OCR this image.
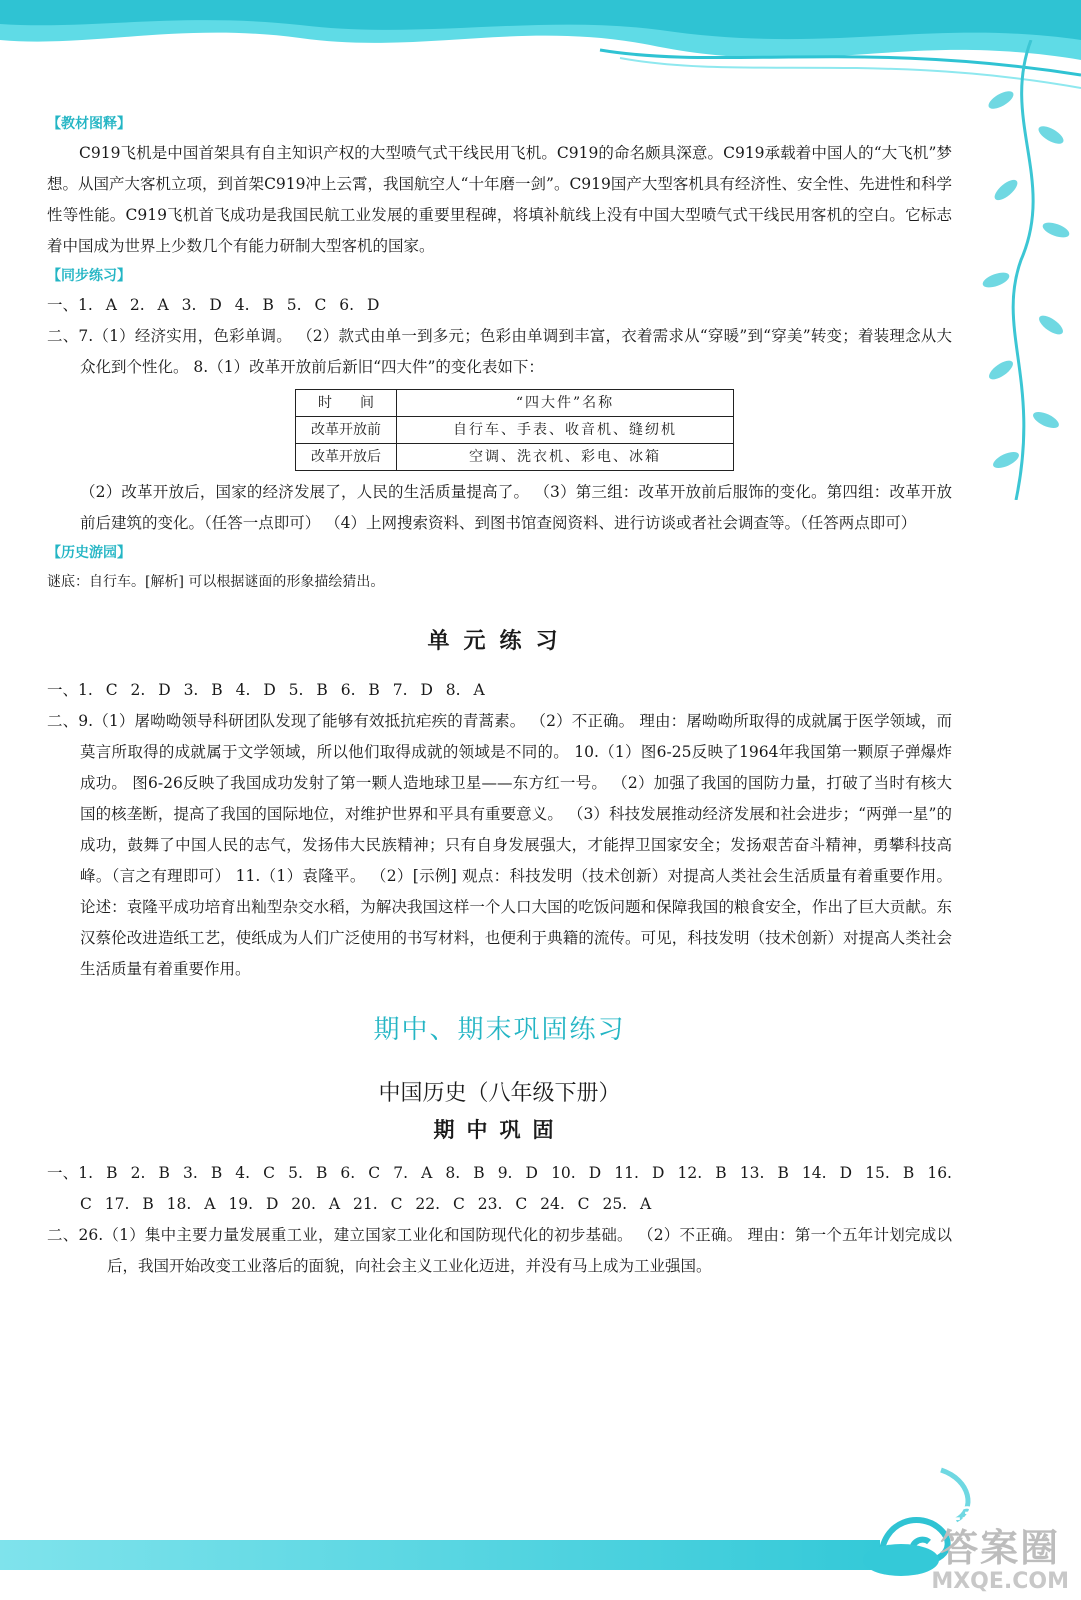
【教材图释】
C919飞机是中国首架具有自主知识产权的大型喷气式干线民用飞机。C919的命名颇具深意。C919承载着中国人的“大飞机”梦想。从国产大客机立项，到首架C919冲上云霄，我国航空人“十年磨一剑”。C919国产大型客机具有经济性、安全性、先进性和科学性等性能。C919飞机首飞成功是我国民航工业发展的重要里程碑，将填补航线上没有中国大型喷气式干线民用客机的空白。它标志着中国成为世界上少数几个有能力研制大型客机的国家。
【同步练习】
一、1. A 2. A 3. D 4. B 5. C 6. D
二、7.（1）经济实用，色彩单调。 （2）款式由单一到多元；色彩由单调到丰富，衣着需求从“穿暖”到“穿美”转变；着装理念从大众化到个性化。 8.（1）改革开放前后新旧“四大件”的变化表如下：
时　　间	“四大件”名称
改革开放前	自行车、手表、收音机、缝纫机
改革开放后	空调、洗衣机、彩电、冰箱
（2）改革开放后，国家的经济发展了，人民的生活质量提高了。 （3）第三组：改革开放前后服饰的变化。第四组：改革开放前后建筑的变化。（任答一点即可） （4）上网搜索资料、到图书馆查阅资料、进行访谈或者社会调查等。（任答两点即可）
【历史游园】
谜底：自行车。[解析] 可以根据谜面的形象描绘猜出。
单元练习
一、1. C 2. D 3. B 4. D 5. B 6. B 7. D 8. A
二、9.（1）屠呦呦领导科研团队发现了能够有效抵抗疟疾的青蒿素。 （2）不正确。 理由：屠呦呦所取得的成就属于医学领域，而莫言所取得的成就属于文学领域，所以他们取得成就的领域是不同的。 10.（1）图6-25反映了1964年我国第一颗原子弹爆炸成功。 图6-26反映了我国成功发射了第一颗人造地球卫星——东方红一号。 （2）加强了我国的国防力量，打破了当时有核大国的核垄断，提高了我国的国际地位，对维护世界和平具有重要意义。 （3）科技发展推动经济发展和社会进步；“两弹一星”的成功，鼓舞了中国人民的志气，发扬伟大民族精神；只有自身发展强大，才能捍卫国家安全；发扬艰苦奋斗精神，勇攀科技高峰。（言之有理即可） 11.（1）袁隆平。 （2）[示例] 观点：科技发明（技术创新）对提高人类社会生活质量有着重要作用。 论述：袁隆平成功培育出籼型杂交水稻，为解决我国这样一个人口大国的吃饭问题和保障我国的粮食安全，作出了巨大贡献。东汉蔡伦改进造纸工艺，使纸成为人们广泛使用的书写材料，也便利于典籍的流传。可见，科技发明（技术创新）对提高人类社会生活质量有着重要作用。
期中、期末巩固练习
中国历史（八年级下册）
期中巩固
一、1. B 2. B 3. B 4. C 5. B 6. C 7. A 8. B 9. D 10. D 11. D 12. B 13. B 14. D 15. B 16. C 17. B 18. A 19. D 20. A 21. C 22. C 23. C 24. C 25. A
二、26.（1）集中主要力量发展重工业，建立国家工业化和国防现代化的初步基础。 （2）不正确。 理由：第一个五年计划完成以后，我国开始改变工业落后的面貌，向社会主义工业化迈进，并没有马上成为工业强国。
123
答案圈
MXQE.COM
